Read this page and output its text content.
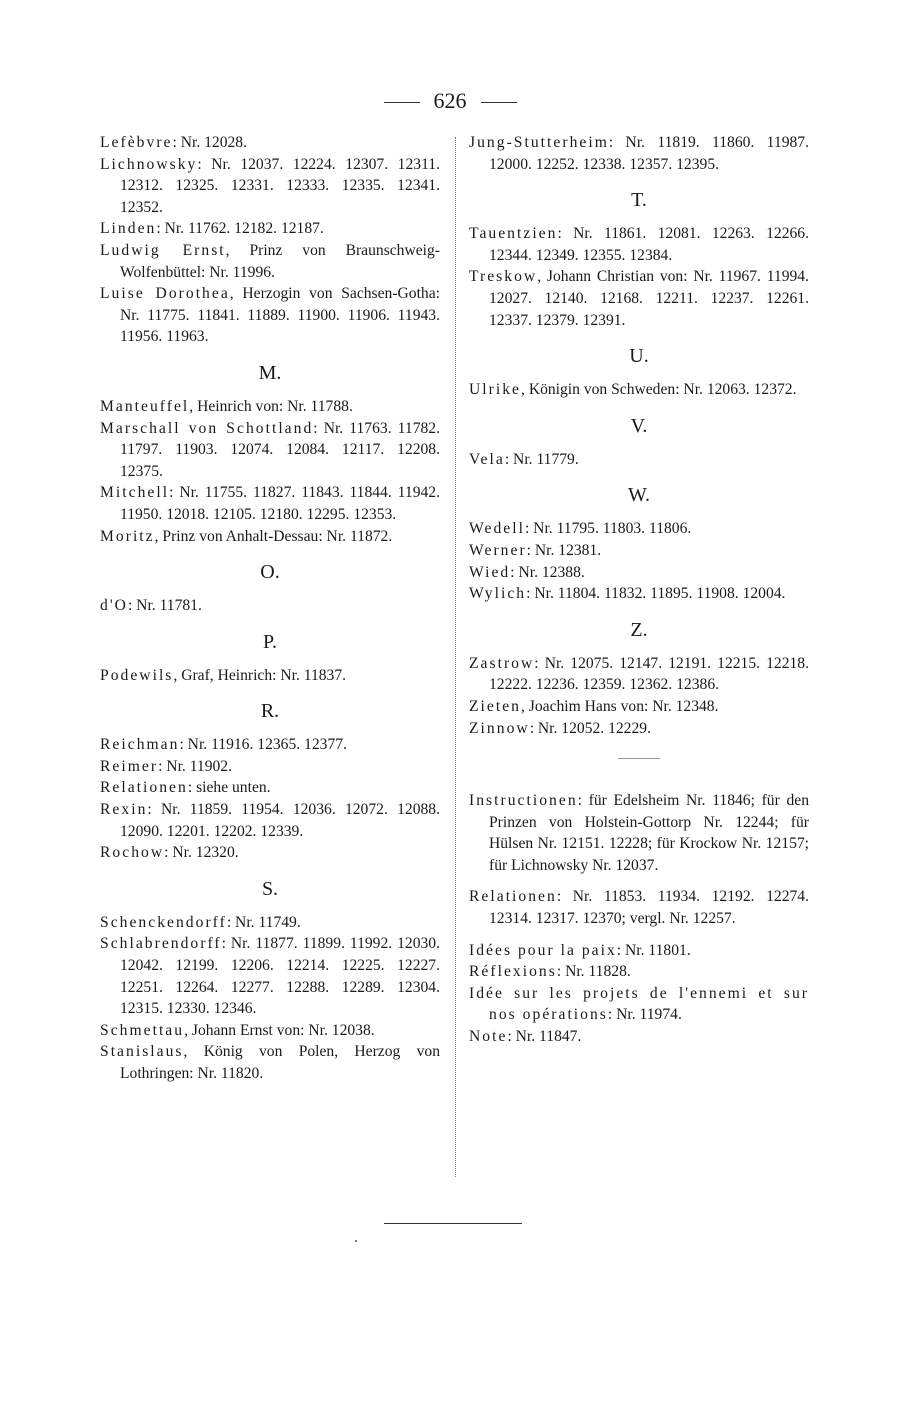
626
Lefèbvre: Nr. 12028.
Lichnowsky: Nr. 12037. 12224. 12307. 12311. 12312. 12325. 12331. 12333. 12335. 12341. 12352.
Linden: Nr. 11762. 12182. 12187.
Ludwig Ernst, Prinz von Braunschweig-Wolfenbüttel: Nr. 11996.
Luise Dorothea, Herzogin von Sachsen-Gotha: Nr. 11775. 11841. 11889. 11900. 11906. 11943. 11956. 11963.
M.
Manteuffel, Heinrich von: Nr. 11788.
Marschall von Schottland: Nr. 11763. 11782. 11797. 11903. 12074. 12084. 12117. 12208. 12375.
Mitchell: Nr. 11755. 11827. 11843. 11844. 11942. 11950. 12018. 12105. 12180. 12295. 12353.
Moritz, Prinz von Anhalt-Dessau: Nr. 11872.
O.
d'O: Nr. 11781.
P.
Podewils, Graf, Heinrich: Nr. 11837.
R.
Reichman: Nr. 11916. 12365. 12377.
Reimer: Nr. 11902.
Relationen: siehe unten.
Rexin: Nr. 11859. 11954. 12036. 12072. 12088. 12090. 12201. 12202. 12339.
Rochow: Nr. 12320.
S.
Schenckendorff: Nr. 11749.
Schlabrendorff: Nr. 11877. 11899. 11992. 12030. 12042. 12199. 12206. 12214. 12225. 12227. 12251. 12264. 12277. 12288. 12289. 12304. 12315. 12330. 12346.
Schmettau, Johann Ernst von: Nr. 12038.
Stanislaus, König von Polen, Herzog von Lothringen: Nr. 11820.
Jung-Stutterheim: Nr. 11819. 11860. 11987. 12000. 12252. 12338. 12357. 12395.
T.
Tauentzien: Nr. 11861. 12081. 12263. 12266. 12344. 12349. 12355. 12384.
Treskow, Johann Christian von: Nr. 11967. 11994. 12027. 12140. 12168. 12211. 12237. 12261. 12337. 12379. 12391.
U.
Ulrike, Königin von Schweden: Nr. 12063. 12372.
V.
Vela: Nr. 11779.
W.
Wedell: Nr. 11795. 11803. 11806.
Werner: Nr. 12381.
Wied: Nr. 12388.
Wylich: Nr. 11804. 11832. 11895. 11908. 12004.
Z.
Zastrow: Nr. 12075. 12147. 12191. 12215. 12218. 12222. 12236. 12359. 12362. 12386.
Zieten, Joachim Hans von: Nr. 12348.
Zinnow: Nr. 12052. 12229.
Instructionen: für Edelsheim Nr. 11846; für den Prinzen von Holstein-Gottorp Nr. 12244; für Hülsen Nr. 12151. 12228; für Krockow Nr. 12157; für Lichnowsky Nr. 12037.
Relationen: Nr. 11853. 11934. 12192. 12274. 12314. 12317. 12370; vergl. Nr. 12257.
Idées pour la paix: Nr. 11801.
Réflexions: Nr. 11828.
Idée sur les projets de l'ennemi et sur nos opérations: Nr. 11974.
Note: Nr. 11847.
